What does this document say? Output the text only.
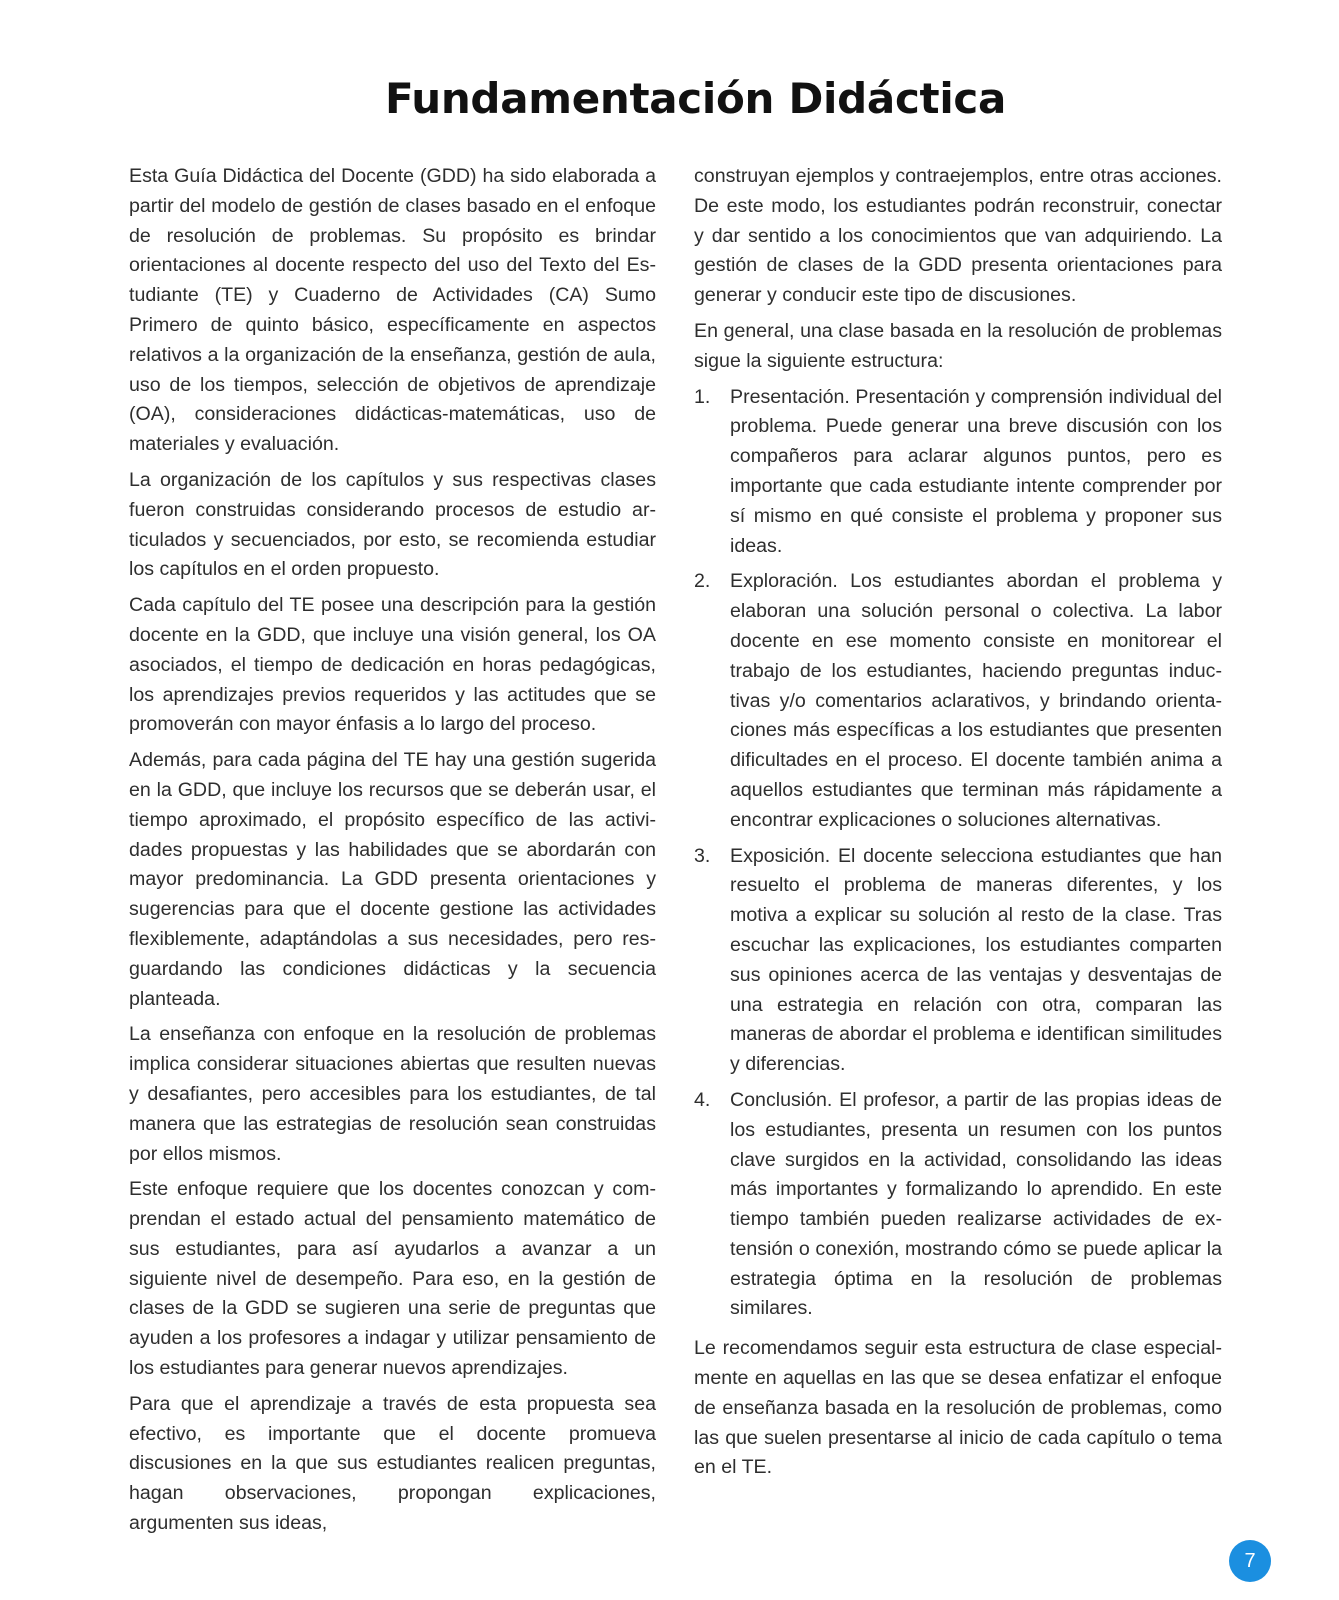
Fundamentación Didáctica

Esta Guía Didáctica del Docente (GDD) ha sido elaborada a partir del modelo de gestión de clases basado en el enfoque de resolución de problemas. Su propósito es brindar orientaciones al docente respecto del uso del Texto del Estudiante (TE) y Cuaderno de Actividades (CA) Sumo Primero de quinto básico, específicamente en aspectos relativos a la organización de la enseñanza, gestión de aula, uso de los tiempos, selección de objetivos de aprendizaje (OA), consideraciones didácticas-matemáticas, uso de materiales y evaluación.

La organización de los capítulos y sus respectivas clases fueron construidas considerando procesos de estudio articulados y secuenciados, por esto, se recomienda estudiar los capítulos en el orden propuesto.

Cada capítulo del TE posee una descripción para la gestión docente en la GDD, que incluye una visión general, los OA asociados, el tiempo de dedicación en horas pedagógicas, los aprendizajes previos requeridos y las actitudes que se promoverán con mayor énfasis a lo largo del proceso.

Además, para cada página del TE hay una gestión sugerida en la GDD, que incluye los recursos que se deberán usar, el tiempo aproximado, el propósito específico de las actividades propuestas y las habilidades que se abordarán con mayor predominancia. La GDD presenta orientaciones y sugerencias para que el docente gestione las actividades flexiblemente, adaptándolas a sus necesidades, pero resguardando las condiciones didácticas y la secuencia planteada.

La enseñanza con enfoque en la resolución de problemas implica considerar situaciones abiertas que resulten nuevas y desafiantes, pero accesibles para los estudiantes, de tal manera que las estrategias de resolución sean construidas por ellos mismos.

Este enfoque requiere que los docentes conozcan y comprendan el estado actual del pensamiento matemático de sus estudiantes, para así ayudarlos a avanzar a un siguiente nivel de desempeño. Para eso, en la gestión de clases de la GDD se sugieren una serie de preguntas que ayuden a los profesores a indagar y utilizar pensamiento de los estudiantes para generar nuevos aprendizajes.

Para que el aprendizaje a través de esta propuesta sea efectivo, es importante que el docente promueva discusiones en la que sus estudiantes realicen preguntas, hagan observaciones, propongan explicaciones, argumenten sus ideas,

construyan ejemplos y contraejemplos, entre otras acciones. De este modo, los estudiantes podrán reconstruir, conectar y dar sentido a los conocimientos que van adquiriendo. La gestión de clases de la GDD presenta orientaciones para generar y conducir este tipo de discusiones.

En general, una clase basada en la resolución de problemas sigue la siguiente estructura:

1. Presentación. Presentación y comprensión individual del problema. Puede generar una breve discusión con los compañeros para aclarar algunos puntos, pero es importante que cada estudiante intente comprender por sí mismo en qué consiste el problema y proponer sus ideas.
2. Exploración. Los estudiantes abordan el problema y elaboran una solución personal o colectiva. La labor docente en ese momento consiste en monitorear el trabajo de los estudiantes, haciendo preguntas inductivas y/o comentarios aclarativos, y brindando orientaciones más específicas a los estudiantes que presenten dificultades en el proceso. El docente también anima a aquellos estudiantes que terminan más rápidamente a encontrar explicaciones o soluciones alternativas.
3. Exposición. El docente selecciona estudiantes que han resuelto el problema de maneras diferentes, y los motiva a explicar su solución al resto de la clase. Tras escuchar las explicaciones, los estudiantes comparten sus opiniones acerca de las ventajas y desventajas de una estrategia en relación con otra, comparan las maneras de abordar el problema e identifican similitudes y diferencias.
4. Conclusión. El profesor, a partir de las propias ideas de los estudiantes, presenta un resumen con los puntos clave surgidos en la actividad, consolidando las ideas más importantes y formalizando lo aprendido. En este tiempo también pueden realizarse actividades de extensión o conexión, mostrando cómo se puede aplicar la estrategia óptima en la resolución de problemas similares.

Le recomendamos seguir esta estructura de clase especialmente en aquellas en las que se desea enfatizar el enfoque de enseñanza basada en la resolución de problemas, como las que suelen presentarse al inicio de cada capítulo o tema en el TE.

7
